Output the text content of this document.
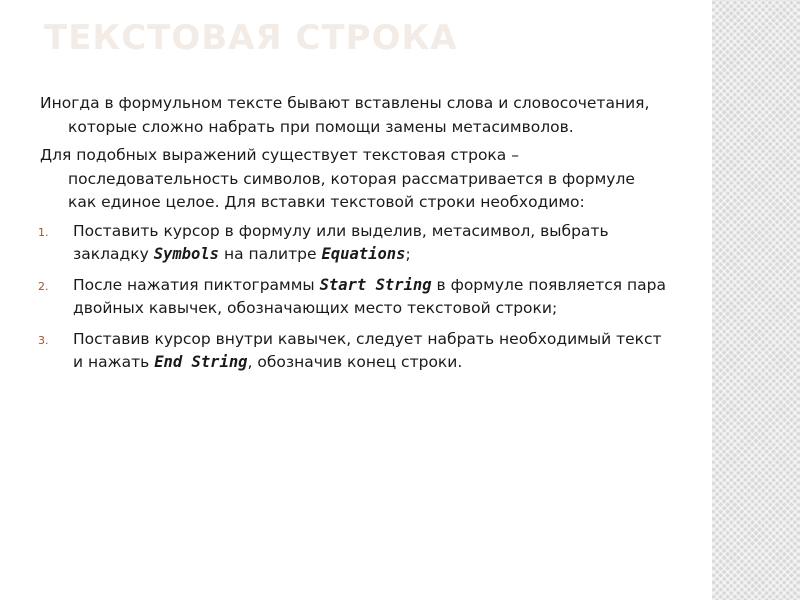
ТЕКСТОВАЯ СТРОКА

Иногда в формульном тексте бывают вставлены слова и словосочетания, которые сложно набрать при помощи замены метасимволов.

Для подобных выражений существует текстовая строка – последовательность символов, которая рассматривается в формуле как единое целое. Для вставки текстовой строки необходимо:

1. Поставить курсор в формулу или выделив, метасимвол, выбрать закладку Symbols на палитре Equations;
2. После нажатия пиктограммы Start String в формуле появляется пара двойных кавычек, обозначающих место текстовой строки;
3. Поставив курсор внутри кавычек, следует набрать необходимый текст и нажать End String, обозначив конец строки.
